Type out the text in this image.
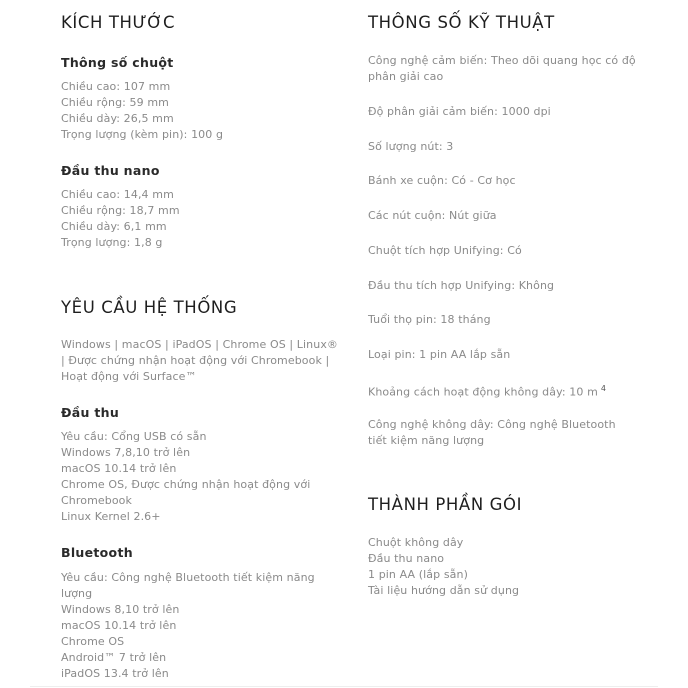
KÍCH THƯỚC
Thông số chuột
Chiều cao: 107 mm
Chiều rộng: 59 mm
Chiều dày: 26,5 mm
Trọng lượng (kèm pin): 100 g
Đầu thu nano
Chiều cao: 14,4 mm
Chiều rộng: 18,7 mm
Chiều dày: 6,1 mm
Trọng lượng: 1,8 g
YÊU CẦU HỆ THỐNG
Windows | macOS | iPadOS | Chrome OS | Linux®
| Được chứng nhận hoạt động với Chromebook |
Hoạt động với Surface™
Đầu thu
Yêu cầu: Cổng USB có sẵn
Windows 7,8,10 trở lên
macOS 10.14 trở lên
Chrome OS, Được chứng nhận hoạt động với
Chromebook
Linux Kernel 2.6+
Bluetooth
Yêu cầu: Công nghệ Bluetooth tiết kiệm năng
lượng
Windows 8,10 trở lên
macOS 10.14 trở lên
Chrome OS
Android™ 7 trở lên
iPadOS 13.4 trở lên
THÔNG SỐ KỸ THUẬT

Công nghệ cảm biến: Theo dõi quang học có độ phân giải cao

Độ phân giải cảm biến: 1000 dpi

Số lượng nút: 3

Bánh xe cuộn: Có - Cơ học

Các nút cuộn: Nút giữa

Chuột tích hợp Unifying: Có

Đầu thu tích hợp Unifying: Không

Tuổi thọ pin: 18 tháng

Loại pin: 1 pin AA lắp sẵn

Khoảng cách hoạt động không dây: 10 m $^4$

Công nghệ không dây: Công nghệ Bluetooth tiết kiệm năng lượng

THÀNH PHẦN GÓI
Chuột không dây
Đầu thu nano
1 pin AA (lắp sẵn)
Tài liệu hướng dẫn sử dụng
